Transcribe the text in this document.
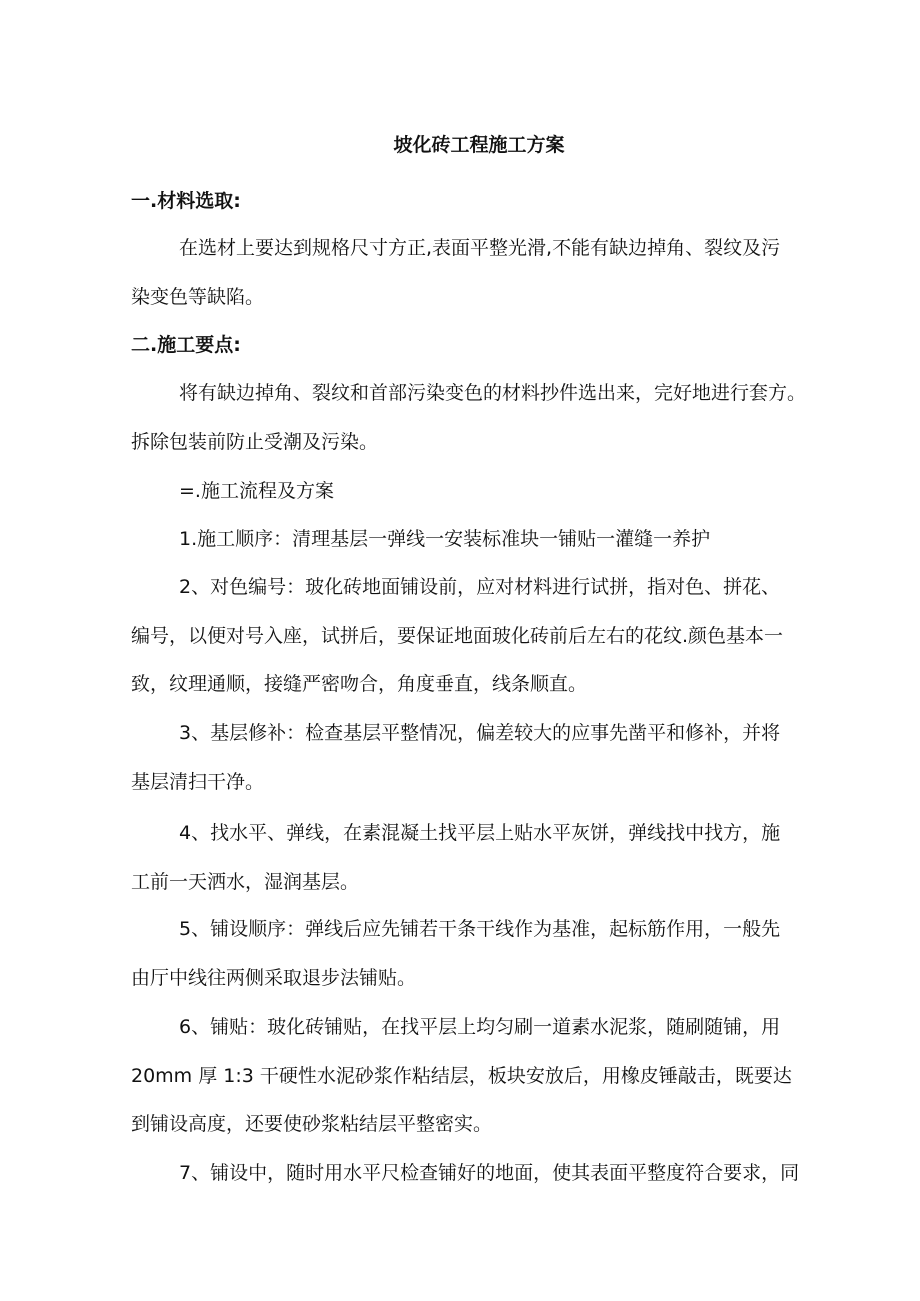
坡化砖工程施工方案
一.材料选取:

在选材上要达到规格尺寸方正,表面平整光滑,不能有缺边掉角、裂纹及污
染变色等缺陷。

二.施工要点:

将有缺边掉角、裂纹和首部污染变色的材料抄件选出来，完好地进行套方。
拆除包装前防止受潮及污染。

=.施工流程及方案

1.施工顺序：清理基层一弹线一安装标准块一铺贴一灌缝一养护

2、对色编号：玻化砖地面铺设前，应对材料进行试拼，指对色、拼花、
编号，以便对号入座，试拼后，要保证地面玻化砖前后左右的花纹.颜色基本一
致，纹理通顺，接缝严密吻合，角度垂直，线条顺直。

3、基层修补：检查基层平整情况，偏差较大的应事先凿平和修补，并将
基层清扫干净。

4、找水平、弹线，在素混凝土找平层上贴水平灰饼，弹线找中找方，施
工前一天洒水，湿润基层。

5、铺设顺序：弹线后应先铺若干条干线作为基准，起标筋作用，一般先
由厅中线往两侧采取退步法铺贴。

6、铺贴：玻化砖铺贴，在找平层上均匀刷一道素水泥浆，随刷随铺，用
20mm 厚 1:3 干硬性水泥砂浆作粘结层，板块安放后，用橡皮锤敲击，既要达
到铺设高度，还要使砂浆粘结层平整密实。

7、铺设中，随时用水平尺检查铺好的地面，使其表面平整度符合要求，同
